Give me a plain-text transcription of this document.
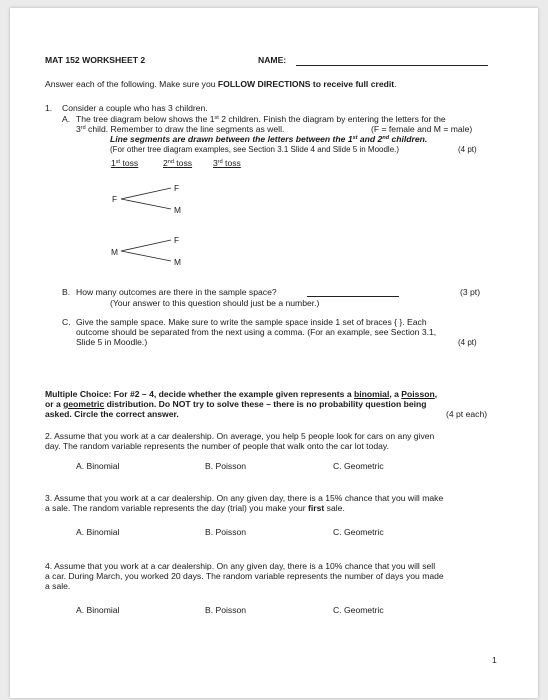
MAT 152 WORKSHEET 2	NAME:
Answer each of the following. Make sure you FOLLOW DIRECTIONS to receive full credit.
1. Consider a couple who has 3 children.
A. The tree diagram below shows the 1st 2 children. Finish the diagram by entering the letters for the
3rd child. Remember to draw the line segments as well.	(F = female and M = male)
Line segments are drawn between the letters between the 1st and 2nd children.
(For other tree diagram examples, see Section 3.1 Slide 4 and Slide 5 in Moodle.)	(4 pt)
1st toss	2nd toss 3rd toss
F
F
M
M
F
M
B. How many outcomes are there in the sample space?	(3 pt)
(Your answer to this question should just be a number.)
C. Give the sample space. Make sure to write the sample space inside 1 set of braces { }. Each
outcome should be separated from the next using a comma. (For an example, see Section 3.1,
Slide 5 in Moodle.)	(4 pt)
Multiple Choice: For #2 – 4, decide whether the example given represents a binomial, a Poisson,
or a geometric distribution. Do NOT try to solve these – there is no probability question being
asked. Circle the correct answer.	(4 pt each)
2. Assume that you work at a car dealership. On average, you help 5 people look for cars on any given
day. The random variable represents the number of people that walk onto the car lot today.
A. Binomial	B. Poisson	C. Geometric
3. Assume that you work at a car dealership. On any given day, there is a 15% chance that you will make
a sale. The random variable represents the day (trial) you make your first sale.
A. Binomial	B. Poisson	C. Geometric
4. Assume that you work at a car dealership. On any given day, there is a 10% chance that you will sell
a car. During March, you worked 20 days. The random variable represents the number of days you made
a sale.
A. Binomial	B. Poisson	C. Geometric
1
